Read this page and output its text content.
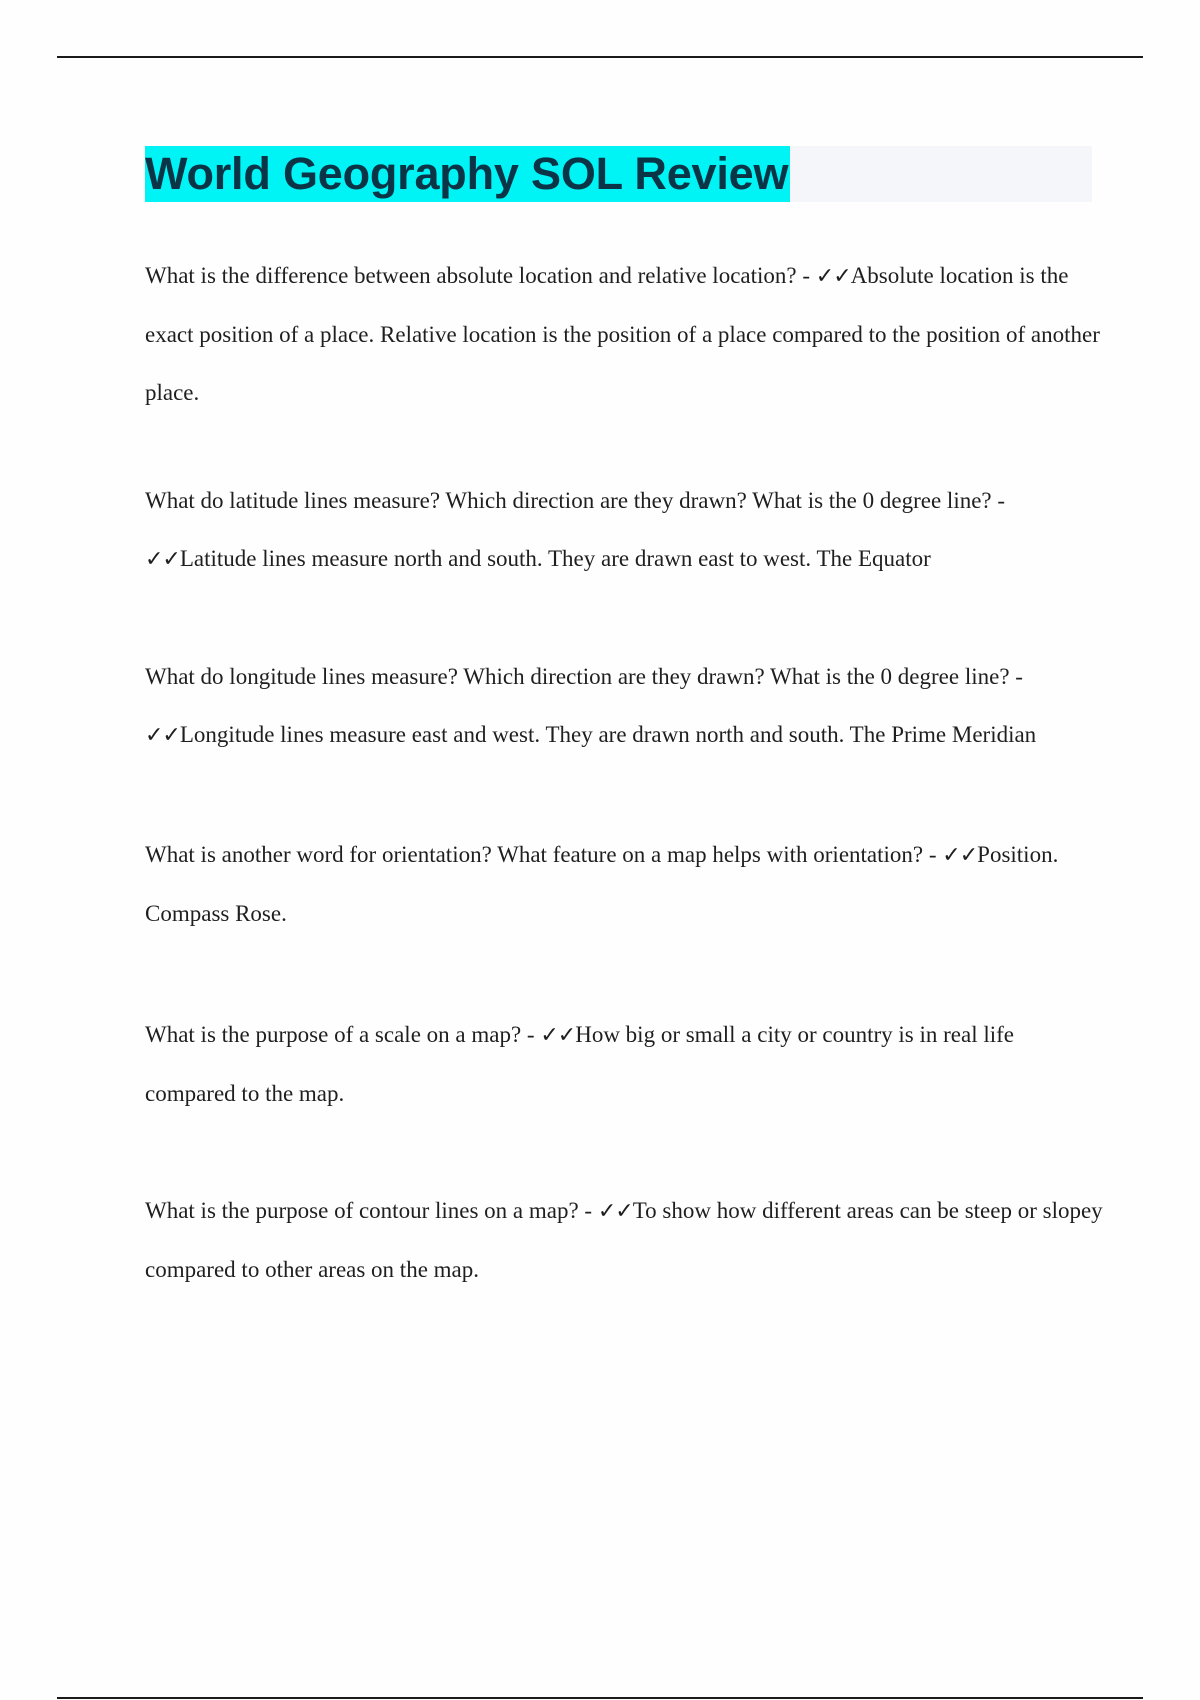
World Geography SOL Review

What is the difference between absolute location and relative location? - ✓✓Absolute location is the exact position of a place. Relative location is the position of a place compared to the position of another place.

What do latitude lines measure? Which direction are they drawn? What is the 0 degree line? - ✓✓Latitude lines measure north and south. They are drawn east to west. The Equator

What do longitude lines measure? Which direction are they drawn? What is the 0 degree line? - ✓✓Longitude lines measure east and west. They are drawn north and south. The Prime Meridian

What is another word for orientation? What feature on a map helps with orientation? - ✓✓Position. Compass Rose.

What is the purpose of a scale on a map? - ✓✓How big or small a city or country is in real life compared to the map.

What is the purpose of contour lines on a map? - ✓✓To show how different areas can be steep or slopey compared to other areas on the map.
